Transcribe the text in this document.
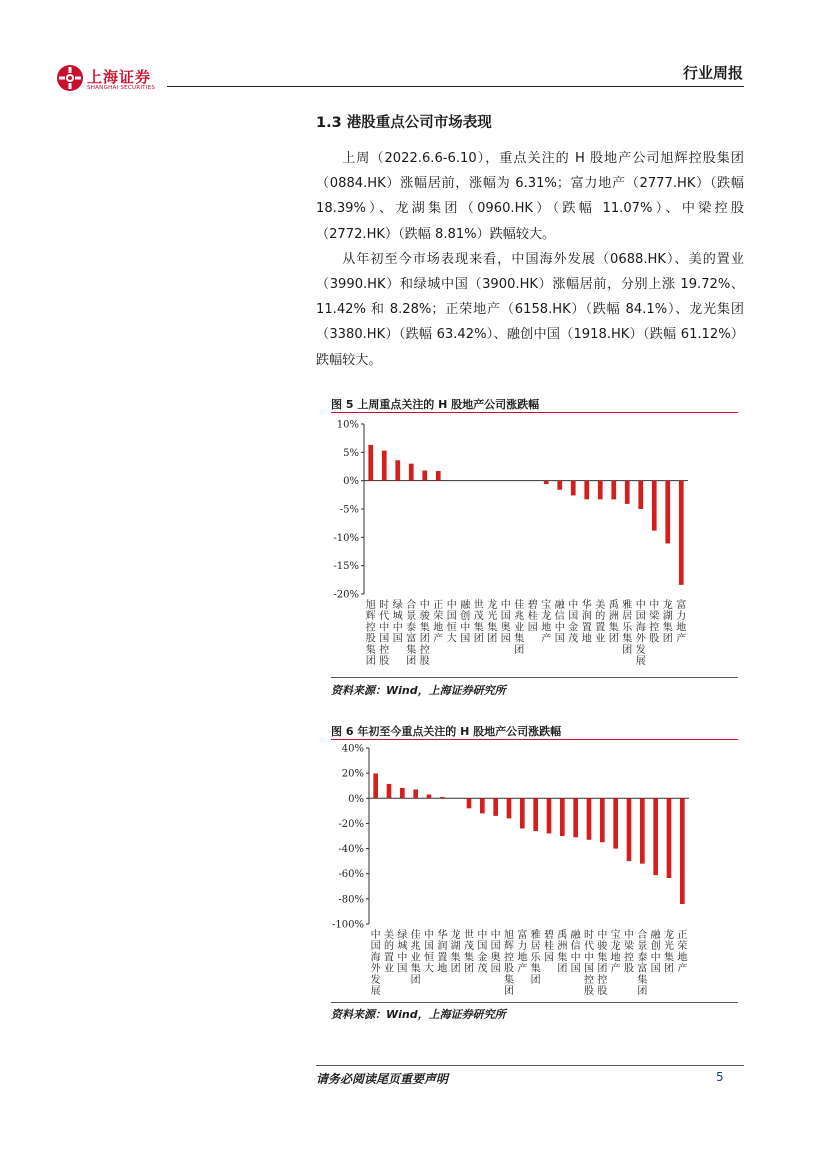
上海证券
SHANGHAI SECURITIES
行业周报
1.3 港股重点公司市场表现

上周（2022.6.6-6.10），重点关注的 H 股地产公司旭辉控股集团（0884.HK）涨幅居前，涨幅为 6.31%；富力地产（2777.HK）（跌幅 18.39%）、龙湖集团（0960.HK）（跌幅 11.07%）、中梁控股（2772.HK）（跌幅 8.81%）跌幅较大。

从年初至今市场表现来看，中国海外发展（0688.HK）、美的置业（3990.HK）和绿城中国（3900.HK）涨幅居前，分别上涨 19.72%、11.42% 和 8.28%；正荣地产（6158.HK）（跌幅 84.1%）、龙光集团（3380.HK）（跌幅 63.42%）、融创中国（1918.HK）（跌幅 61.12%）跌幅较大。

图 5 上周重点关注的 H 股地产公司涨跌幅
10%
5%
0%
-5%
-10%
-15%
-20%
旭辉控股集团
时代中国控股
绿城中国
合景泰富集团
中骏集团控股
正荣地产
中国恒大
融创中国
世茂集团
龙光集团
中国奥园
佳兆业集团
碧桂园
宝龙地产
融信中国
中国金茂
华润置地
美的置业
禹洲集团
雅居乐集团
中国海外发展
中梁控股
龙湖集团
富力地产
资料来源：Wind，上海证券研究所
图 6 年初至今重点关注的 H 股地产公司涨跌幅
40%
20%
0%
-20%
-40%
-60%
-80%
-100%
中国海外发展
美的置业
绿城中国
佳兆业集团
中国恒大
华润置地
龙湖集团
世茂集团
中国金茂
中国奥园
旭辉控股集团
富力地产
雅居乐集团
碧桂园
禹洲集团
融信中国
时代中国控股
中骏集团控股
宝龙地产
中梁控股
合景泰富集团
融创中国
龙光集团
正荣地产
资料来源：Wind，上海证券研究所
请务必阅读尾页重要声明	5
